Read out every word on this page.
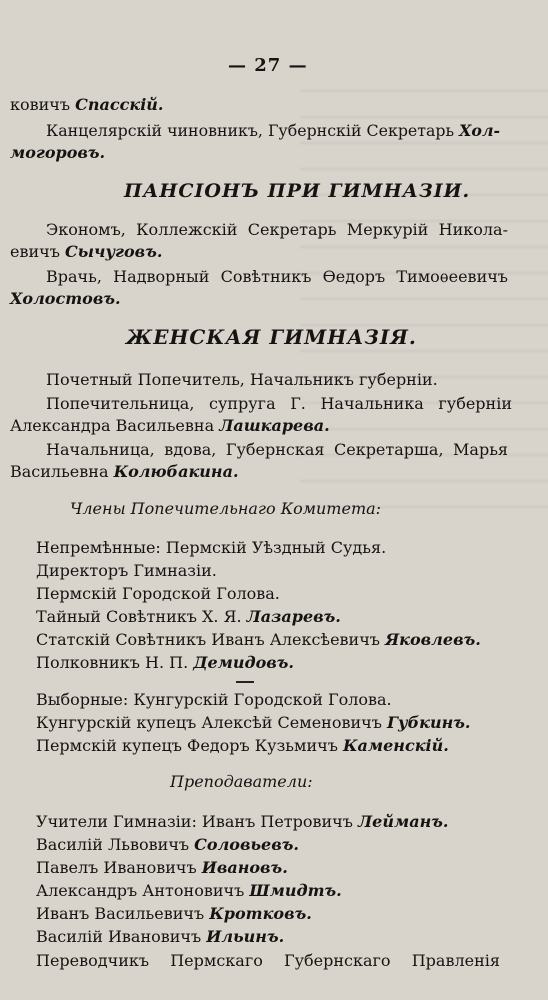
— 27 —
ковичъ Спасскій.
Канцелярскій чиновникъ, Губернскій Секретарь Хол-
могоровъ.
ПАНСІОНЪ ПРИ ГИМНАЗІИ.
Экономъ, Коллежскій Секретарь Меркурій Никола-
евичъ Сычуговъ.
Врачь, Надворный Совѣтникъ Ѳедоръ Тимоѳеевичъ
Холостовъ.
ЖЕНСКАЯ ГИМНАЗІЯ.
Почетный Попечитель, Начальникъ губерніи.
Попечительница, супруга Г. Начальника губерніи
Александра Васильевна Лашкарева.
Начальница, вдова, Губернская Секретарша, Марья
Васильевна Колюбакина.
Члены Попечительнаго Комитета:
Непремѣнные: Пермскій Уѣздный Судья.
Директоръ Гимназіи.
Пермскій Городской Голова.
Тайный Совѣтникъ Х. Я. Лазаревъ.
Статскій Совѣтникъ Иванъ Алексѣевичъ Яковлевъ.
Полковникъ Н. П. Демидовъ.
Выборные: Кунгурскій Городской Голова.
Кунгурскій купецъ Алексѣй Семеновичъ Губкинъ.
Пермскій купецъ Федоръ Кузьмичъ Каменскій.
Преподаватели:
Учители Гимназіи: Иванъ Петровичъ Лейманъ.
Василій Львовичъ Соловьевъ.
Павелъ Ивановичъ Ивановъ.
Александръ Антоновичъ Шмидтъ.
Иванъ Васильевичъ Кротковъ.
Василій Ивановичъ Ильинъ.
Переводчикъ Пермскаго Губернскаго Правленія
